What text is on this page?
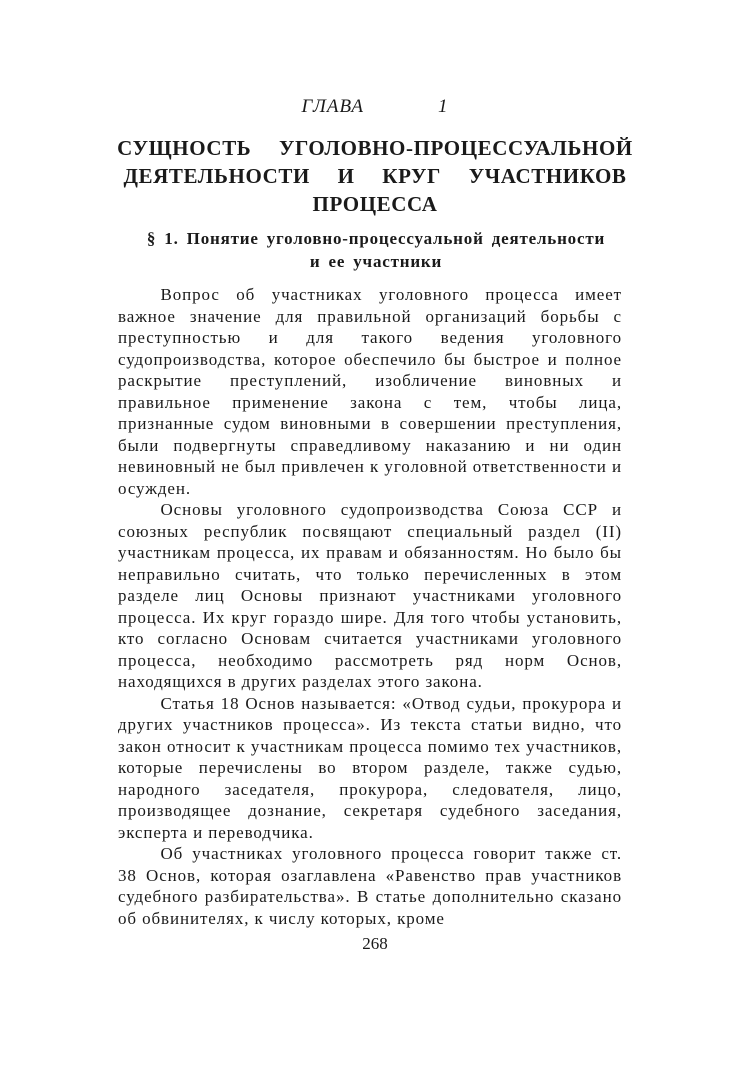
ГЛАВА	1
СУЩНОСТЬ  УГОЛОВНО-ПРОЦЕССУАЛЬНОЙ
ДЕЯТЕЛЬНОСТИ  И  КРУГ  УЧАСТНИКОВ
ПРОЦЕССА
§ 1. Понятие уголовно-процессуальной деятельности
и ее участники

Вопрос об участниках уголовного процесса имеет важное значение для правильной организаций борьбы с преступностью и для такого ведения уголовного судопроизводства, которое обеспечило бы быстрое и полное раскрытие преступлений, изобличение виновных и правильное применение закона с тем, чтобы лица, признанные судом виновными в совершении преступления, были подвергнуты справедливому наказанию и ни один невиновный не был привлечен к уголовной ответственности и осужден.

Основы уголовного судопроизводства Союза ССР и союзных республик посвящают специальный раздел (II) участникам процесса, их правам и обязанностям. Но было бы неправильно считать, что только перечисленных в этом разделе лиц Основы признают участниками уголовного процесса. Их круг гораздо шире. Для того чтобы установить, кто согласно Основам считается участниками уголовного процесса, необходимо рассмотреть ряд норм Основ, находящихся в других разделах этого закона.

Статья 18 Основ называется: «Отвод судьи, прокурора и других участников процесса». Из текста статьи видно, что закон относит к участникам процесса помимо тех участников, которые перечислены во втором разделе, также судью, народного заседателя, прокурора, следователя, лицо, производящее дознание, секретаря судебного заседания, эксперта и переводчика.

Об участниках уголовного процесса говорит также ст. 38 Основ, которая озаглавлена «Равенство прав участников судебного разбирательства». В статье дополнительно сказано об обвинителях, к числу которых, кроме

268
